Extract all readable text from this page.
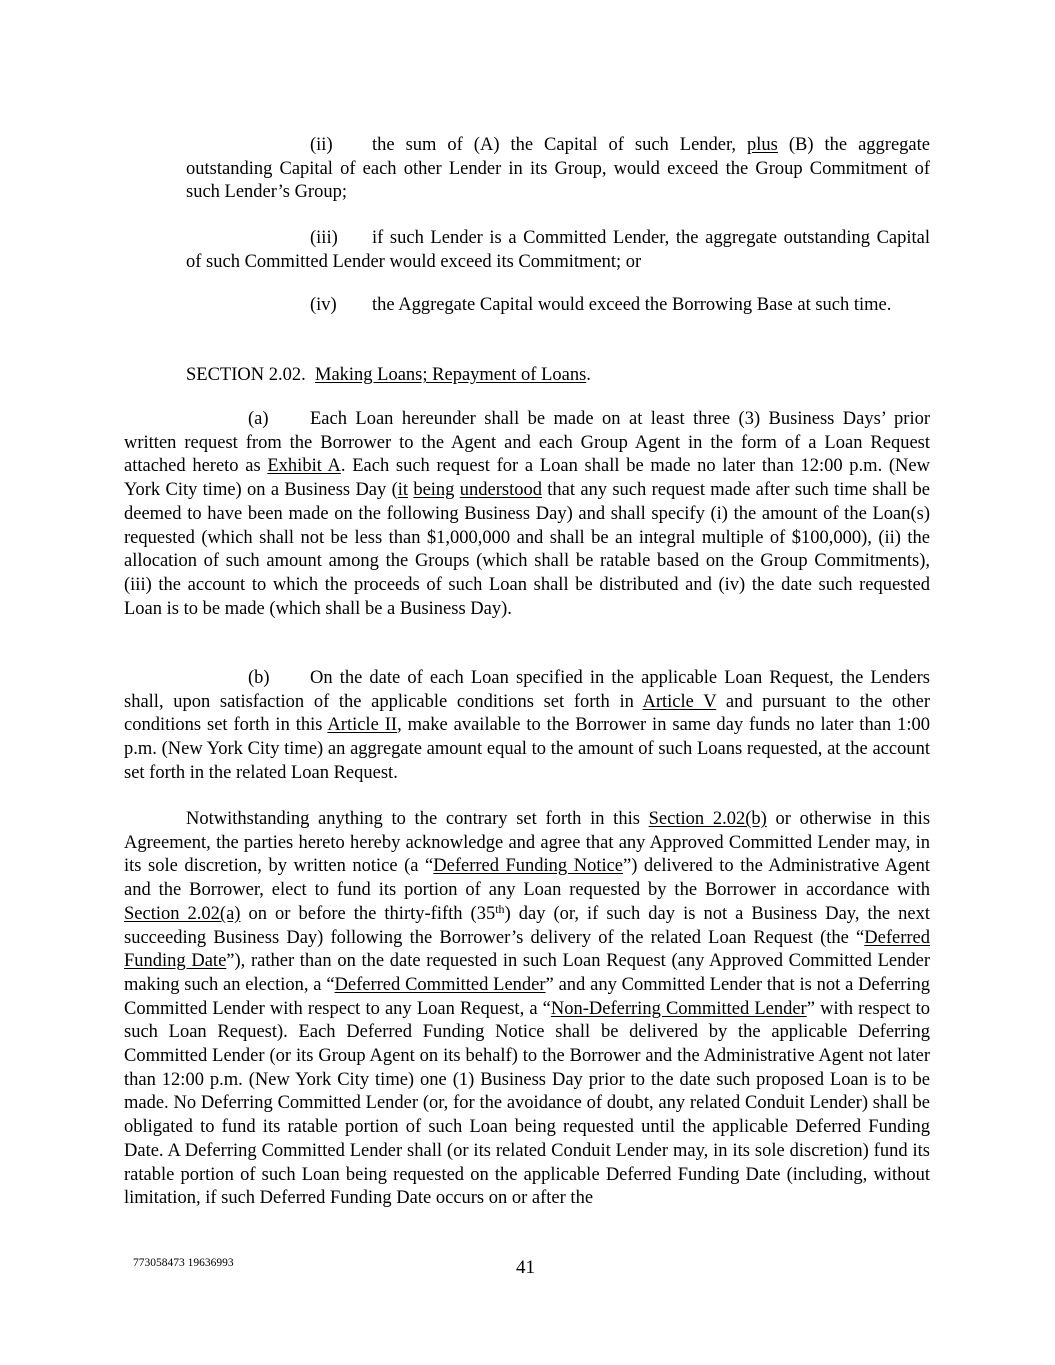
(ii) the sum of (A) the Capital of such Lender, plus (B) the aggregate outstanding Capital of each other Lender in its Group, would exceed the Group Commitment of such Lender’s Group;

(iii) if such Lender is a Committed Lender, the aggregate outstanding Capital of such Committed Lender would exceed its Commitment; or

(iv) the Aggregate Capital would exceed the Borrowing Base at such time.

SECTION 2.02. Making Loans; Repayment of Loans.

(a) Each Loan hereunder shall be made on at least three (3) Business Days’ prior written request from the Borrower to the Agent and each Group Agent in the form of a Loan Request attached hereto as Exhibit A. Each such request for a Loan shall be made no later than 12:00 p.m. (New York City time) on a Business Day (it being understood that any such request made after such time shall be deemed to have been made on the following Business Day) and shall specify (i) the amount of the Loan(s) requested (which shall not be less than $1,000,000 and shall be an integral multiple of $100,000), (ii) the allocation of such amount among the Groups (which shall be ratable based on the Group Commitments), (iii) the account to which the proceeds of such Loan shall be distributed and (iv) the date such requested Loan is to be made (which shall be a Business Day).

(b) On the date of each Loan specified in the applicable Loan Request, the Lenders shall, upon satisfaction of the applicable conditions set forth in Article V and pursuant to the other conditions set forth in this Article II, make available to the Borrower in same day funds no later than 1:00 p.m. (New York City time) an aggregate amount equal to the amount of such Loans requested, at the account set forth in the related Loan Request.

Notwithstanding anything to the contrary set forth in this Section 2.02(b) or otherwise in this Agreement, the parties hereto hereby acknowledge and agree that any Approved Committed Lender may, in its sole discretion, by written notice (a “Deferred Funding Notice”) delivered to the Administrative Agent and the Borrower, elect to fund its portion of any Loan requested by the Borrower in accordance with Section 2.02(a) on or before the thirty-fifth (35th) day (or, if such day is not a Business Day, the next succeeding Business Day) following the Borrower’s delivery of the related Loan Request (the “Deferred Funding Date”), rather than on the date requested in such Loan Request (any Approved Committed Lender making such an election, a “Deferred Committed Lender” and any Committed Lender that is not a Deferring Committed Lender with respect to any Loan Request, a “Non-Deferring Committed Lender” with respect to such Loan Request). Each Deferred Funding Notice shall be delivered by the applicable Deferring Committed Lender (or its Group Agent on its behalf) to the Borrower and the Administrative Agent not later than 12:00 p.m. (New York City time) one (1) Business Day prior to the date such proposed Loan is to be made. No Deferring Committed Lender (or, for the avoidance of doubt, any related Conduit Lender) shall be obligated to fund its ratable portion of such Loan being requested until the applicable Deferred Funding Date. A Deferring Committed Lender shall (or its related Conduit Lender may, in its sole discretion) fund its ratable portion of such Loan being requested on the applicable Deferred Funding Date (including, without limitation, if such Deferred Funding Date occurs on or after the

773058473 19636993	41
